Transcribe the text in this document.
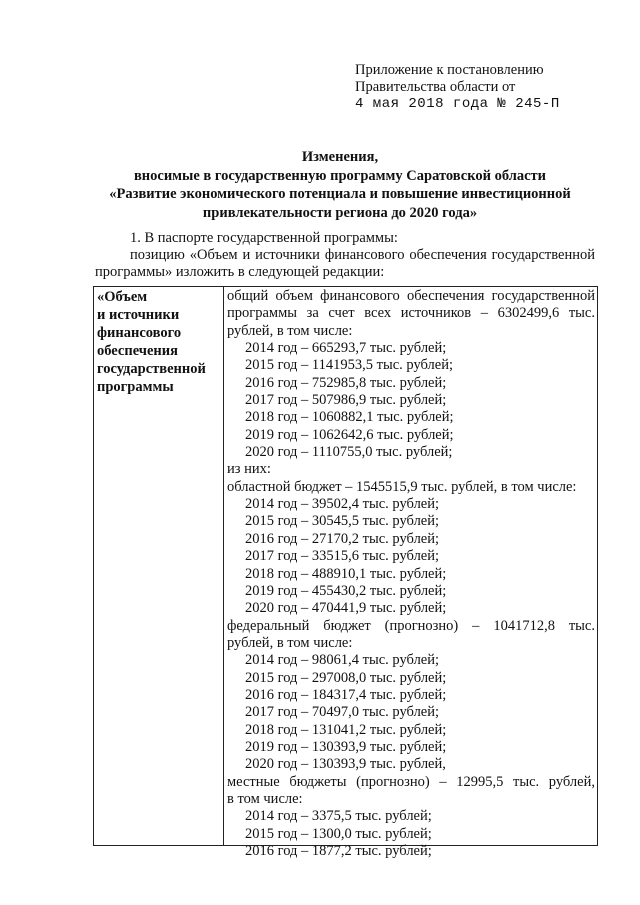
Приложение к постановлению
Правительства области от
4 мая 2018 года № 245-П
Изменения,
вносимые в государственную программу Саратовской области
«Развитие экономического потенциала и повышение инвестиционной
привлекательности региона до 2020 года»

1. В паспорте государственной программы:

позицию «Объем и источники финансового обеспечения государственной программы» изложить в следующей редакции:

«Объем
и источники
финансового
обеспечения
государственной
программы
общий объем финансового обеспечения государственной
программы за счет всех источников – 6302499,6 тыс.
рублей, в том числе:
2014 год – 665293,7 тыс. рублей;
2015 год – 1141953,5 тыс. рублей;
2016 год – 752985,8 тыс. рублей;
2017 год – 507986,9 тыс. рублей;
2018 год – 1060882,1 тыс. рублей;
2019 год – 1062642,6 тыс. рублей;
2020 год – 1110755,0 тыс. рублей;
из них:
областной бюджет – 1545515,9 тыс. рублей, в том числе:
2014 год – 39502,4 тыс. рублей;
2015 год – 30545,5 тыс. рублей;
2016 год – 27170,2 тыс. рублей;
2017 год – 33515,6 тыс. рублей;
2018 год – 488910,1 тыс. рублей;
2019 год – 455430,2 тыс. рублей;
2020 год – 470441,9 тыс. рублей;
федеральный бюджет (прогнозно) – 1041712,8 тыс.
рублей, в том числе:
2014 год – 98061,4 тыс. рублей;
2015 год – 297008,0 тыс. рублей;
2016 год – 184317,4 тыс. рублей;
2017 год – 70497,0 тыс. рублей;
2018 год – 131041,2 тыс. рублей;
2019 год – 130393,9 тыс. рублей;
2020 год – 130393,9 тыс. рублей,
местные бюджеты (прогнозно) – 12995,5 тыс. рублей,
в том числе:
2014 год – 3375,5 тыс. рублей;
2015 год – 1300,0 тыс. рублей;
2016 год – 1877,2 тыс. рублей;
